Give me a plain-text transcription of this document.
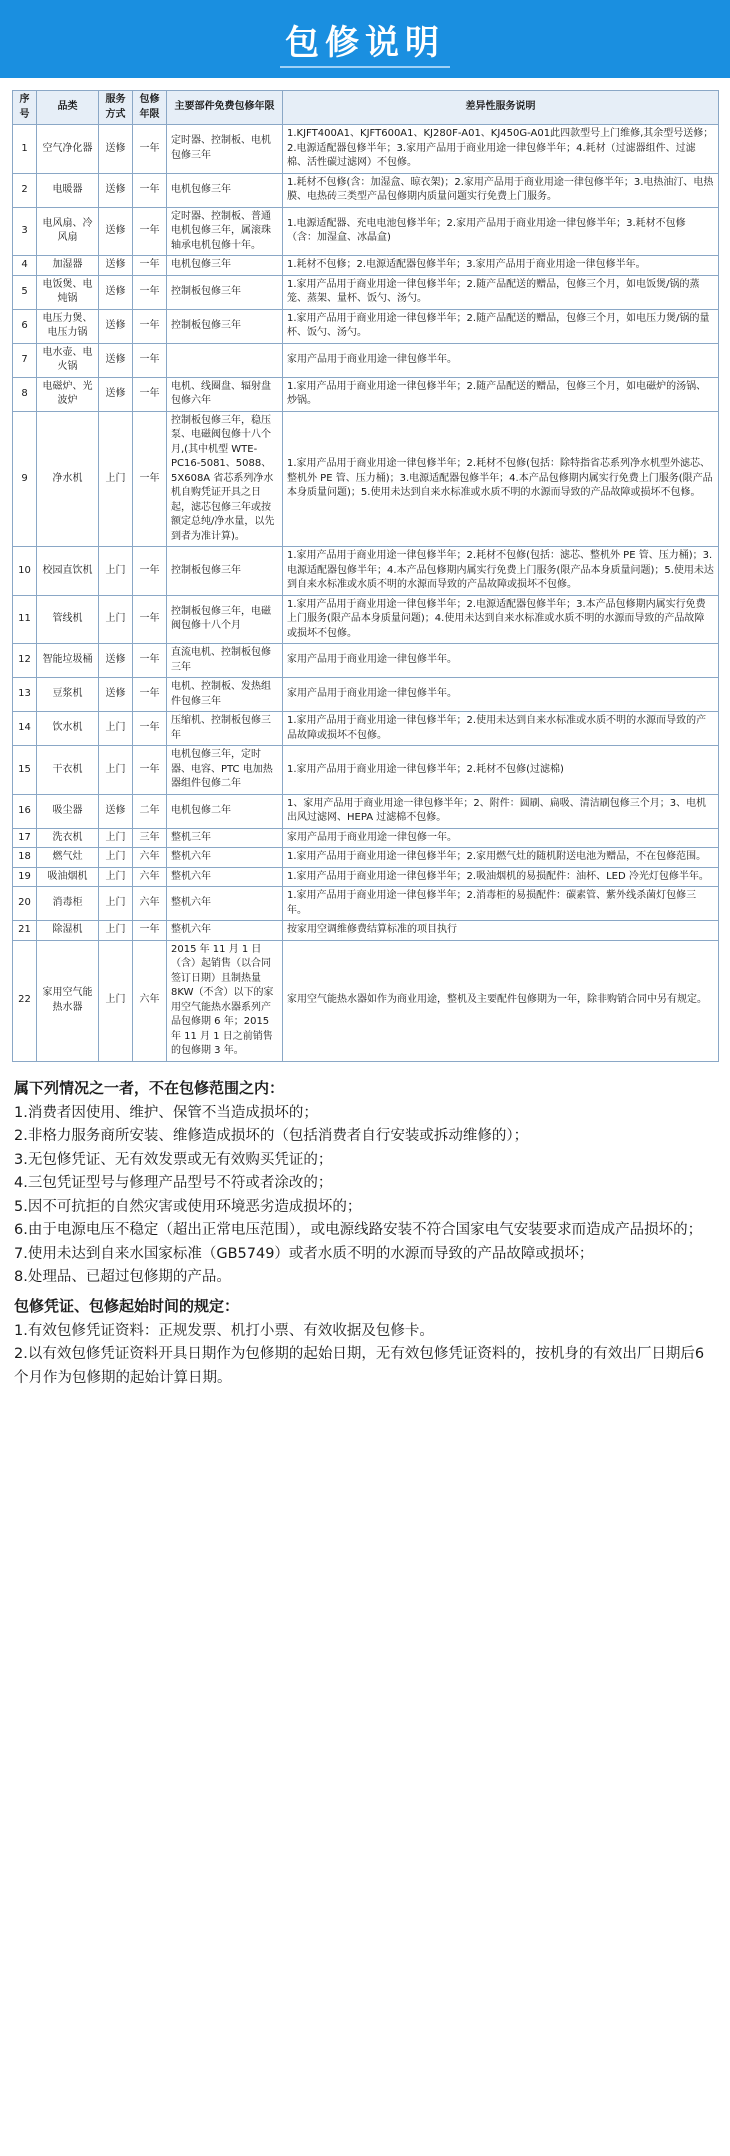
包修说明
序号	品类	服务方式	包修年限	主要部件免费包修年限	差异性服务说明
1	空气净化器	送修	一年	定时器、控制板、电机包修三年	1.KJFT400A1、KJFT600A1、KJ280F-A01、KJ450G-A01此四款型号上门维修,其余型号送修；2.电源适配器包修半年；3.家用产品用于商业用途一律包修半年；4.耗材（过滤器组件、过滤棉、活性碳过滤网）不包修。
2	电暖器	送修	一年	电机包修三年	1.耗材不包修(含：加湿盒、晾衣架)；2.家用产品用于商业用途一律包修半年；3.电热油汀、电热膜、电热砖三类型产品包修期内质量问题实行免费上门服务。
3	电风扇、冷风扇	送修	一年	定时器、控制板、普通电机包修三年，属滚珠轴承电机包修十年。	1.电源适配器、充电电池包修半年；2.家用产品用于商业用途一律包修半年；3.耗材不包修（含：加湿盒、冰晶盒)
4	加湿器	送修	一年	电机包修三年	1.耗材不包修；2.电源适配器包修半年；3.家用产品用于商业用途一律包修半年。
5	电饭煲、电炖锅	送修	一年	控制板包修三年	1.家用产品用于商业用途一律包修半年；2.随产品配送的赠品，包修三个月，如电饭煲/锅的蒸笼、蒸架、量杯、饭勺、汤勺。
6	电压力煲、电压力锅	送修	一年	控制板包修三年	1.家用产品用于商业用途一律包修半年；2.随产品配送的赠品，包修三个月，如电压力煲/锅的量杯、饭勺、汤勺。
7	电水壶、电火锅	送修	一年		家用产品用于商业用途一律包修半年。
8	电磁炉、光波炉	送修	一年	电机、线圈盘、辐射盘包修六年	1.家用产品用于商业用途一律包修半年；2.随产品配送的赠品，包修三个月，如电磁炉的汤锅、炒锅。
9	净水机	上门	一年	控制板包修三年，稳压泵、电磁阀包修十八个月,(其中机型 WTE-PC16-5081、5088、5X608A 省芯系列净水机自购凭证开具之日起，滤芯包修三年或按额定总纯/净水量，以先到者为准计算)。	1.家用产品用于商业用途一律包修半年；2.耗材不包修(包括：除特指省芯系列净水机型外滤芯、整机外 PE 管、压力桶)；3.电源适配器包修半年；4.本产品包修期内属实行免费上门服务(限产品本身质量问题)；5.使用未达到自来水标准或水质不明的水源而导致的产品故障或损坏不包修。
10	校园直饮机	上门	一年	控制板包修三年	1.家用产品用于商业用途一律包修半年；2.耗材不包修(包括：滤芯、整机外 PE 管、压力桶)；3.电源适配器包修半年；4.本产品包修期内属实行免费上门服务(限产品本身质量问题)；5.使用未达到自来水标准或水质不明的水源而导致的产品故障或损坏不包修。
11	管线机	上门	一年	控制板包修三年，电磁阀包修十八个月	1.家用产品用于商业用途一律包修半年；2.电源适配器包修半年；3.本产品包修期内属实行免费上门服务(限产品本身质量问题)；4.使用未达到自来水标准或水质不明的水源而导致的产品故障或损坏不包修。
12	智能垃圾桶	送修	一年	直流电机、控制板包修三年	家用产品用于商业用途一律包修半年。
13	豆浆机	送修	一年	电机、控制板、发热组件包修三年	家用产品用于商业用途一律包修半年。
14	饮水机	上门	一年	压缩机、控制板包修三年	1.家用产品用于商业用途一律包修半年；2.使用未达到自来水标准或水质不明的水源而导致的产品故障或损坏不包修。
15	干衣机	上门	一年	电机包修三年，定时器、电容、PTC 电加热器组件包修二年	1.家用产品用于商业用途一律包修半年；2.耗材不包修(过滤棉)
16	吸尘器	送修	二年	电机包修二年	1、家用产品用于商业用途一律包修半年；2、附件：圆刷、扁吸、清洁刷包修三个月；3、电机出风过滤网、HEPA 过滤棉不包修。
17	洗衣机	上门	三年	整机三年	家用产品用于商业用途一律包修一年。
18	燃气灶	上门	六年	整机六年	1.家用产品用于商业用途一律包修半年；2.家用燃气灶的随机附送电池为赠品，不在包修范围。
19	吸油烟机	上门	六年	整机六年	1.家用产品用于商业用途一律包修半年；2.吸油烟机的易损配件：油杯、LED 冷光灯包修半年。
20	消毒柜	上门	六年	整机六年	1.家用产品用于商业用途一律包修半年；2.消毒柜的易损配件：碳素管、紫外线杀菌灯包修三年。
21	除湿机	上门	一年	整机六年	按家用空调维修费结算标准的项目执行
22	家用空气能热水器	上门	六年	2015 年 11 月 1 日（含）起销售（以合同签订日期）且制热量 8KW（不含）以下的家用空气能热水器系列产品包修期 6 年；2015 年 11 月 1 日之前销售的包修期 3 年。	家用空气能热水器如作为商业用途，整机及主要配件包修期为一年，除非购销合同中另有规定。
属下列情况之一者，不在包修范围之内：

1.消费者因使用、维护、保管不当造成损坏的；

2.非格力服务商所安装、维修造成损坏的（包括消费者自行安装或拆动维修的）；

3.无包修凭证、无有效发票或无有效购买凭证的；

4.三包凭证型号与修理产品型号不符或者涂改的；

5.因不可抗拒的自然灾害或使用环境恶劣造成损坏的；

6.由于电源电压不稳定（超出正常电压范围），或电源线路安装不符合国家电气安装要求而造成产品损坏的；

7.使用未达到自来水国家标准（GB5749）或者水质不明的水源而导致的产品故障或损坏；

8.处理品、已超过包修期的产品。

包修凭证、包修起始时间的规定：

1.有效包修凭证资料：正规发票、机打小票、有效收据及包修卡。

2.以有效包修凭证资料开具日期作为包修期的起始日期，无有效包修凭证资料的，按机身的有效出厂日期后6个月作为包修期的起始计算日期。
